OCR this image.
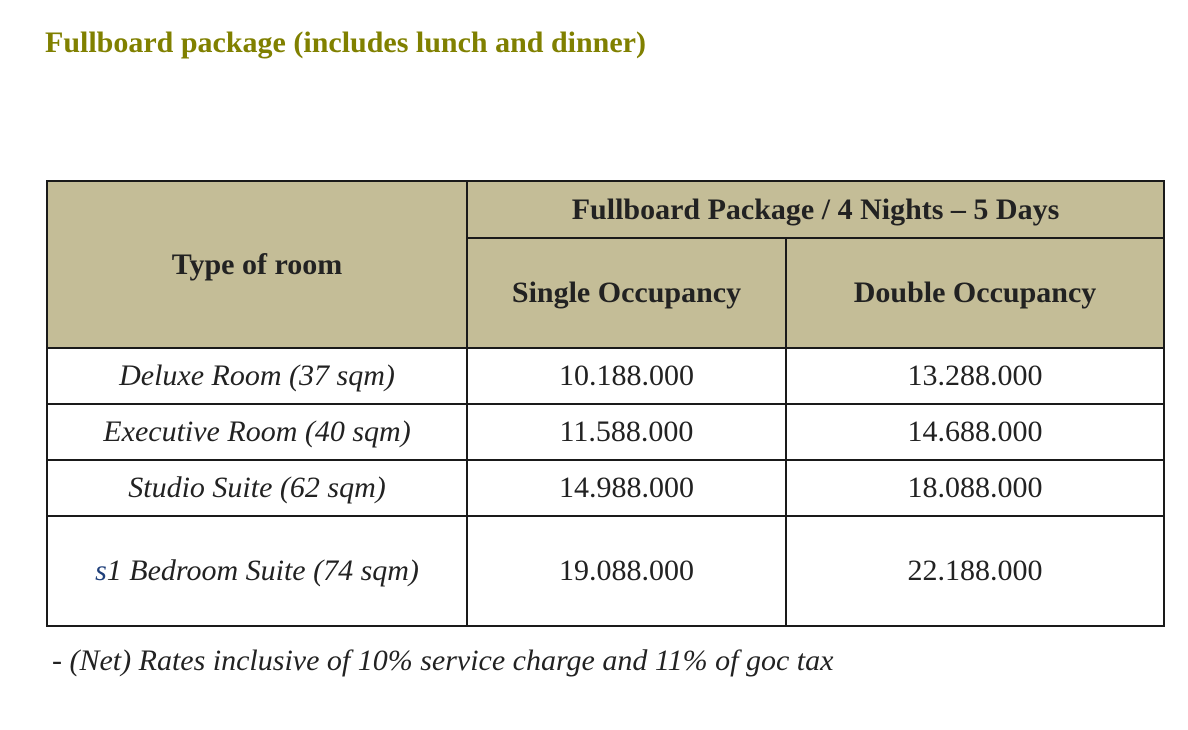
Fullboard package (includes lunch and dinner)
Type of room	Fullboard Package / 4 Nights – 5 Days	
	Single Occupancy	Double Occupancy
Deluxe Room (37 sqm)	10.188.000	13.288.000
Executive Room (40 sqm)	11.588.000	14.688.000
Studio Suite (62 sqm)	14.988.000	18.088.000
s1 Bedroom Suite (74 sqm)	19.088.000	22.188.000

- (Net) Rates inclusive of 10% service charge and 11% of goc tax
